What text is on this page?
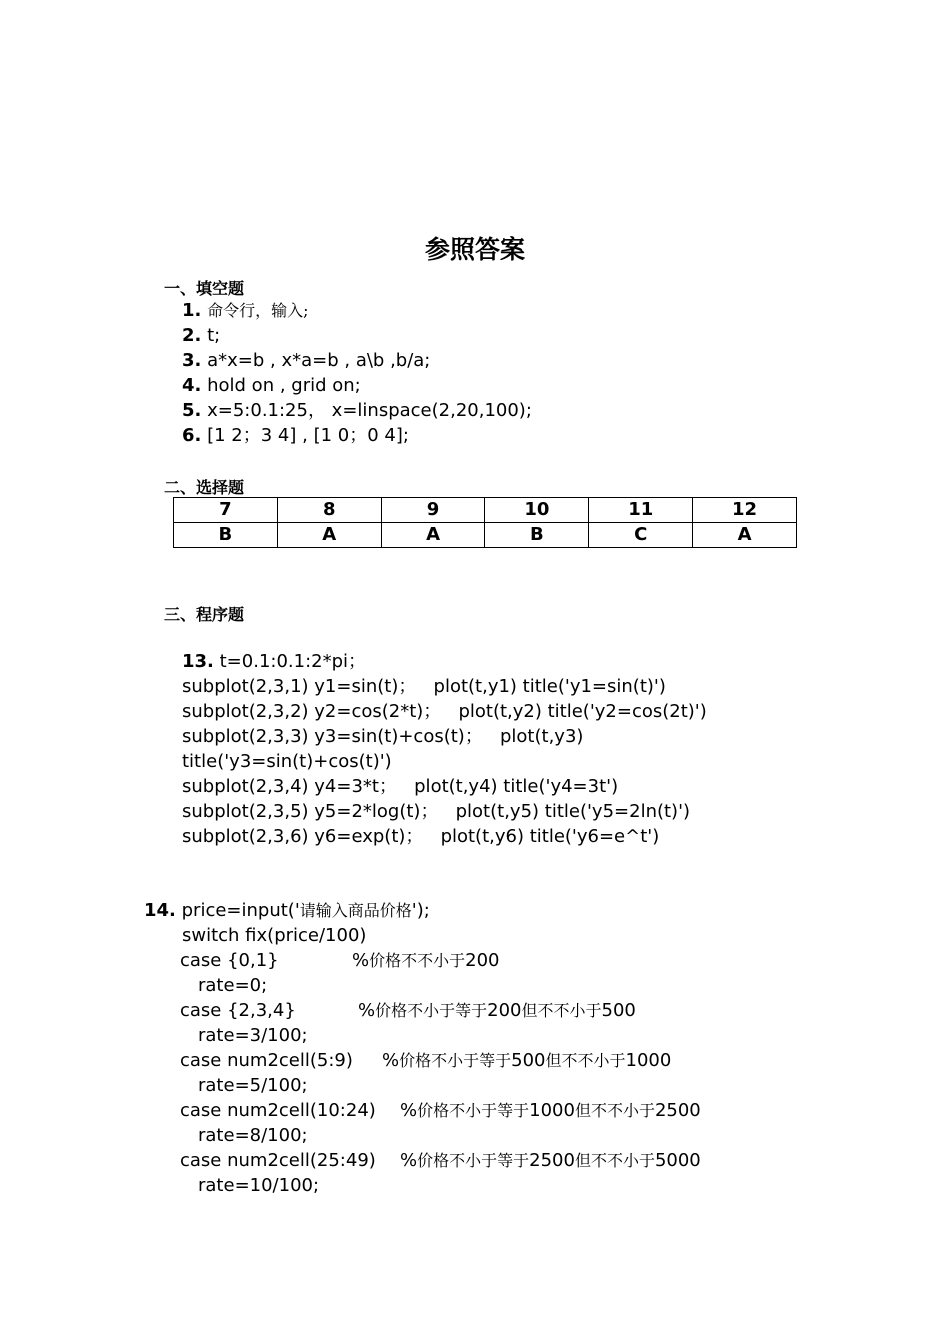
参照答案
一、填空题
1. 命令行，输入;
2. t;
3. a*x=b , x*a=b , a\b ,b/a;
4. hold on , grid on;
5. x=5:0.1:25， x=linspace(2,20,100);
6. [1 2；3 4] , [1 0；0 4];
二、选择题
7	8	9	10	11	12
B	A	A	B	C	A
三、程序题
13. t=0.1:0.1:2*pi；
subplot(2,3,1) y1=sin(t)；   plot(t,y1) title('y1=sin(t)')
subplot(2,3,2) y2=cos(2*t)；   plot(t,y2) title('y2=cos(2t)')
subplot(2,3,3) y3=sin(t)+cos(t)；   plot(t,y3)
title('y3=sin(t)+cos(t)')
subplot(2,3,4) y4=3*t；   plot(t,y4) title('y4=3t')
subplot(2,3,5) y5=2*log(t)；   plot(t,y5) title('y5=2ln(t)')
subplot(2,3,6) y6=exp(t)；   plot(t,y6) title('y6=e^t')
14. price=input('请输入商品价格');
switch fix(price/100)
case {0,1}	%价格不不小于200
rate=0;
case {2,3,4}	%价格不小于等于200但不不小于500
rate=3/100;
case num2cell(5:9) %价格不小于等于500但不不小于1000
rate=5/100;
case num2cell(10:24) %价格不小于等于1000但不不小于2500
rate=8/100;
case num2cell(25:49) %价格不小于等于2500但不不小于5000
rate=10/100;
